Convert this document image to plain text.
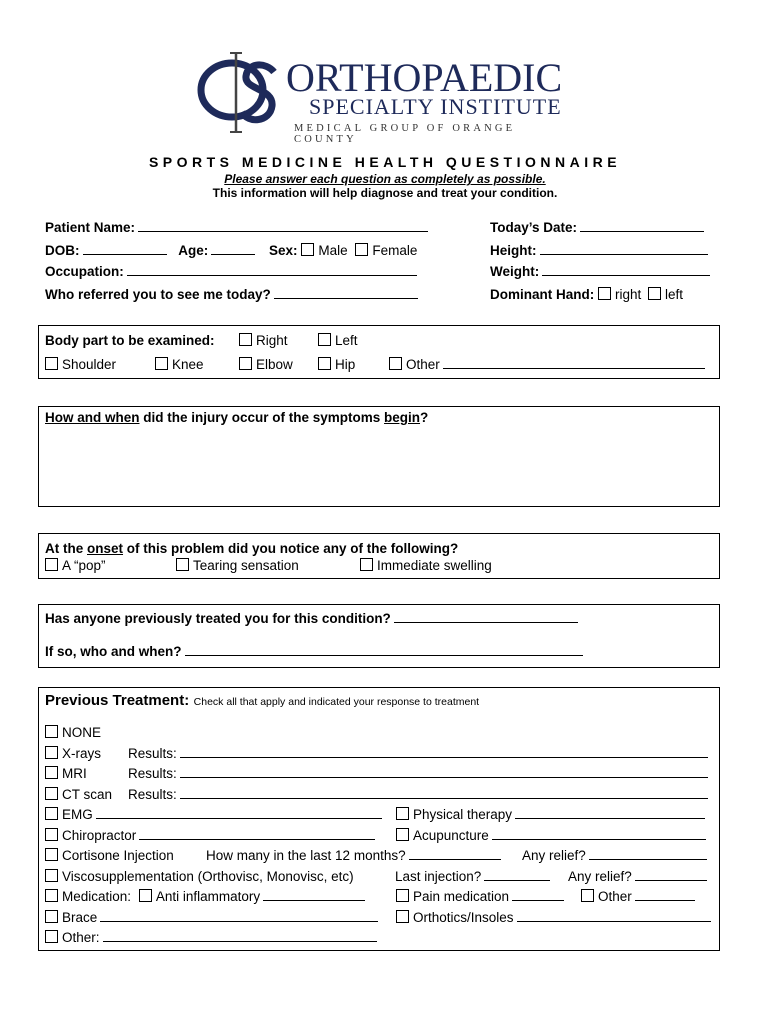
ORTHOPAEDIC
SPECIALTY INSTITUTE
MEDICAL GROUP OF ORANGE COUNTY
SPORTS MEDICINE HEALTH QUESTIONNAIRE
Please answer each question as completely as possible.
This information will help diagnose and treat your condition.
Patient Name:
DOB:	Age:	Sex: Male Female
Occupation:
Who referred you to see me today?
Today’s Date:
Height:
Weight:
Dominant Hand: right left
Body part to be examined:	Right	Left
Shoulder	Knee	Elbow	Hip	Other
How and when did the injury occur of the symptoms begin?
At the onset of this problem did you notice any of the following?
A “pop”	Tearing sensation	Immediate swelling
Has anyone previously treated you for this condition?
If so, who and when?
Previous Treatment: Check all that apply and indicated your response to treatment
NONE
X-rays Results:
MRI	Results:
CT scan Results:
EMG	Physical therapy
Chiropractor	Acupuncture
Cortisone Injection How many in the last 12 months?	Any relief?
Viscosupplementation (Orthovisc, Monovisc, etc)	Last injection?	Any relief?
Medication: Anti inflammatory	Pain medication	Other
Brace	Orthotics/Insoles
Other:
